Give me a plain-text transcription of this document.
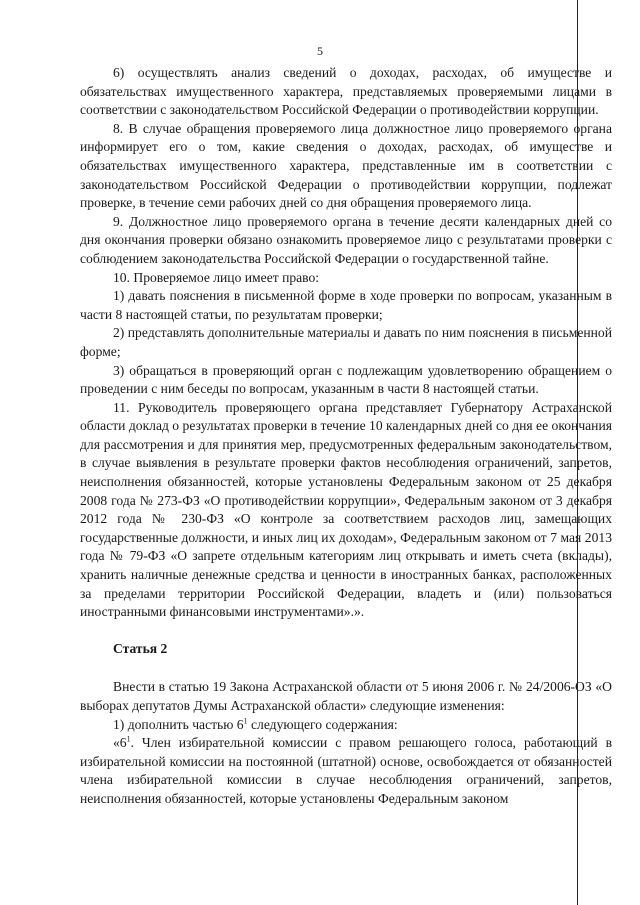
5

6) осуществлять анализ сведений о доходах, расходах, об имуществе и обязательствах имущественного характера, представляемых проверяемыми лицами в соответствии с законодательством Российской Федерации о противодействии коррупции.

8. В случае обращения проверяемого лица должностное лицо проверяемого органа информирует его о том, какие сведения о доходах, расходах, об имуществе и обязательствах имущественного характера, представленные им в соответствии с законодательством Российской Федерации о противодействии коррупции, подлежат проверке, в течение семи рабочих дней со дня обращения проверяемого лица.

9. Должностное лицо проверяемого органа в течение десяти календарных дней со дня окончания проверки обязано ознакомить проверяемое лицо с результатами проверки с соблюдением законодательства Российской Федерации о государственной тайне.

10. Проверяемое лицо имеет право:

1) давать пояснения в письменной форме в ходе проверки по вопросам, указанным в части 8 настоящей статьи, по результатам проверки;

2) представлять дополнительные материалы и давать по ним пояснения в письменной форме;

3) обращаться в проверяющий орган с подлежащим удовлетворению обращением о проведении с ним беседы по вопросам, указанным в части 8 настоящей статьи.

11. Руководитель проверяющего органа представляет Губернатору Астраханской области доклад о результатах проверки в течение 10 календарных дней со дня ее окончания для рассмотрения и для принятия мер, предусмотренных федеральным законодательством, в случае выявления в результате проверки фактов несоблюдения ограничений, запретов, неисполнения обязанностей, которые установлены Федеральным законом от 25 декабря 2008 года № 273-ФЗ «О противодействии коррупции», Федеральным законом от 3 декабря 2012 года № 230-ФЗ «О контроле за соответствием расходов лиц, замещающих государственные должности, и иных лиц их доходам», Федеральным законом от 7 мая 2013 года № 79-ФЗ «О запрете отдельным категориям лиц открывать и иметь счета (вклады), хранить наличные денежные средства и ценности в иностранных банках, расположенных за пределами территории Российской Федерации, владеть и (или) пользоваться иностранными финансовыми инструментами».».

Статья 2

Внести в статью 19 Закона Астраханской области от 5 июня 2006 г. № 24/2006-ОЗ «О выборах депутатов Думы Астраханской области» следующие изменения:

1) дополнить частью $6^1$ следующего содержания:

«$6^1$. Член избирательной комиссии с правом решающего голоса, работающий в избирательной комиссии на постоянной (штатной) основе, освобождается от обязанностей члена избирательной комиссии в случае несоблюдения ограничений, запретов, неисполнения обязанностей, которые установлены Федеральным законом
